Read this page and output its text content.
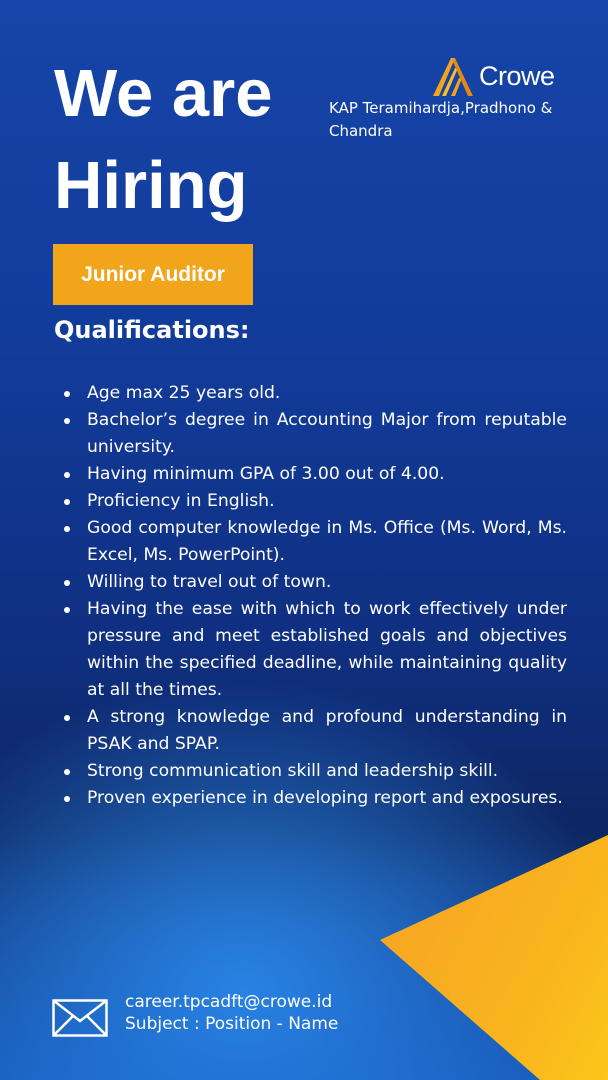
We are Hiring
Crowe
KAP Teramihardja,Pradhono & Chandra
Junior Auditor
Qualifications:
Age max 25 years old.
Bachelor’s degree in Accounting Major from reputable university.
Having minimum GPA of 3.00 out of 4.00.
Proficiency in English.
Good computer knowledge in Ms. Office (Ms. Word, Ms. Excel, Ms. PowerPoint).
Willing to travel out of town.
Having the ease with which to work effectively under pressure and meet established goals and objectives within the specified deadline, while maintaining quality at all the times.
A strong knowledge and profound understanding in PSAK and SPAP.
Strong communication skill and leadership skill.
Proven experience in developing report and exposures.
career.tpcadft@crowe.id
Subject : Position - Name
